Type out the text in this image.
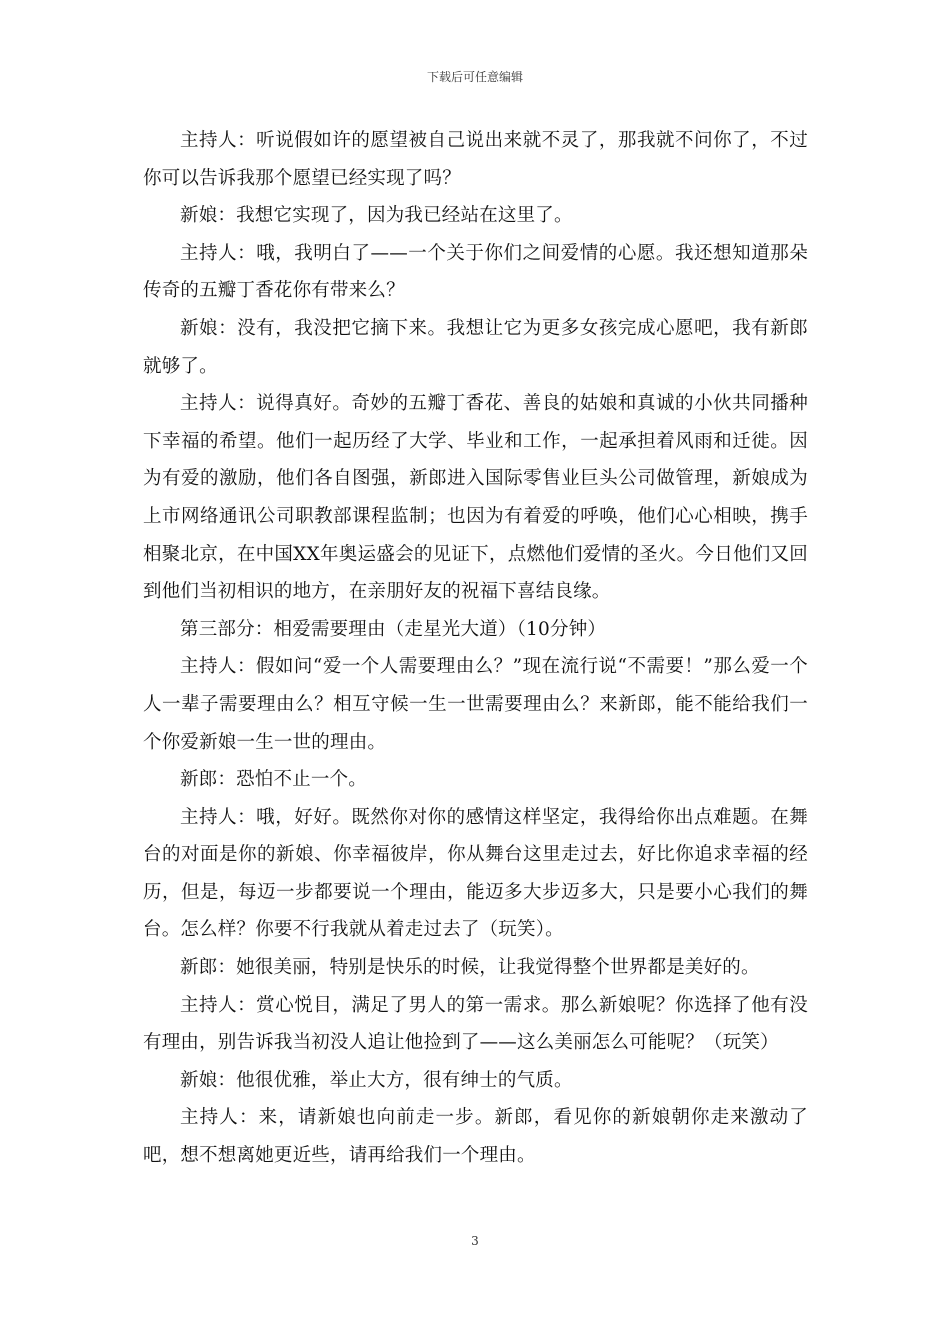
下载后可任意编辑

主持人：听说假如许的愿望被自己说出来就不灵了，那我就不问你了，不过你可以告诉我那个愿望已经实现了吗？

新娘：我想它实现了，因为我已经站在这里了。

主持人：哦，我明白了——一个关于你们之间爱情的心愿。我还想知道那朵传奇的五瓣丁香花你有带来么？

新娘：没有，我没把它摘下来。我想让它为更多女孩完成心愿吧，我有新郎就够了。

主持人：说得真好。奇妙的五瓣丁香花、善良的姑娘和真诚的小伙共同播种下幸福的希望。他们一起历经了大学、毕业和工作，一起承担着风雨和迁徙。因为有爱的激励，他们各自图强，新郎进入国际零售业巨头公司做管理，新娘成为上市网络通讯公司职教部课程监制；也因为有着爱的呼唤，他们心心相映，携手相聚北京，在中国XX年奥运盛会的见证下，点燃他们爱情的圣火。今日他们又回到他们当初相识的地方，在亲朋好友的祝福下喜结良缘。

第三部分：相爱需要理由（走星光大道）（10分钟）

主持人：假如问“爱一个人需要理由么？”现在流行说“不需要！”那么爱一个人一辈子需要理由么？相互守候一生一世需要理由么？来新郎，能不能给我们一个你爱新娘一生一世的理由。

新郎：恐怕不止一个。

主持人：哦，好好。既然你对你的感情这样坚定，我得给你出点难题。在舞台的对面是你的新娘、你幸福彼岸，你从舞台这里走过去，好比你追求幸福的经历，但是，每迈一步都要说一个理由，能迈多大步迈多大，只是要小心我们的舞台。怎么样？你要不行我就从着走过去了（玩笑）。

新郎：她很美丽，特别是快乐的时候，让我觉得整个世界都是美好的。

主持人：赏心悦目，满足了男人的第一需求。那么新娘呢？你选择了他有没有理由，别告诉我当初没人追让他捡到了——这么美丽怎么可能呢？（玩笑）

新娘：他很优雅，举止大方，很有绅士的气质。

主持人：来，请新娘也向前走一步。新郎，看见你的新娘朝你走来激动了吧，想不想离她更近些，请再给我们一个理由。

3
